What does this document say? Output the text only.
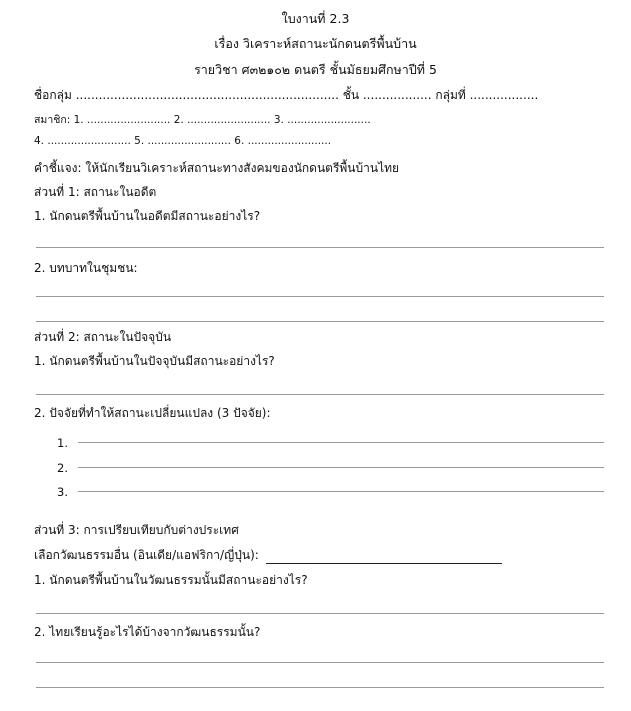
ใบงานที่ 2.3
เรื่อง วิเคราะห์สถานะนักดนตรีพื้นบ้าน
รายวิชา ศ๓๒๑๐๒ ดนตรี ชั้นมัธยมศึกษาปีที่ 5
ชื่อกลุ่ม ..................................................................... ชั้น .................. กลุ่มที่ ..................
สมาชิก: 1. ......................... 2. ......................... 3. .........................
4. ......................... 5. ......................... 6. .........................
คำชี้แจง: ให้นักเรียนวิเคราะห์สถานะทางสังคมของนักดนตรีพื้นบ้านไทย
ส่วนที่ 1: สถานะในอดีต
1. นักดนตรีพื้นบ้านในอดีตมีสถานะอย่างไร?
2. บทบาทในชุมชน:
ส่วนที่ 2: สถานะในปัจจุบัน
1. นักดนตรีพื้นบ้านในปัจจุบันมีสถานะอย่างไร?
2. ปัจจัยที่ทำให้สถานะเปลี่ยนแปลง (3 ปัจจัย):
1.
2.
3.
ส่วนที่ 3: การเปรียบเทียบกับต่างประเทศ
เลือกวัฒนธรรมอื่น (อินเดีย/แอฟริกา/ญี่ปุ่น):
1. นักดนตรีพื้นบ้านในวัฒนธรรมนั้นมีสถานะอย่างไร?
2. ไทยเรียนรู้อะไรได้บ้างจากวัฒนธรรมนั้น?
